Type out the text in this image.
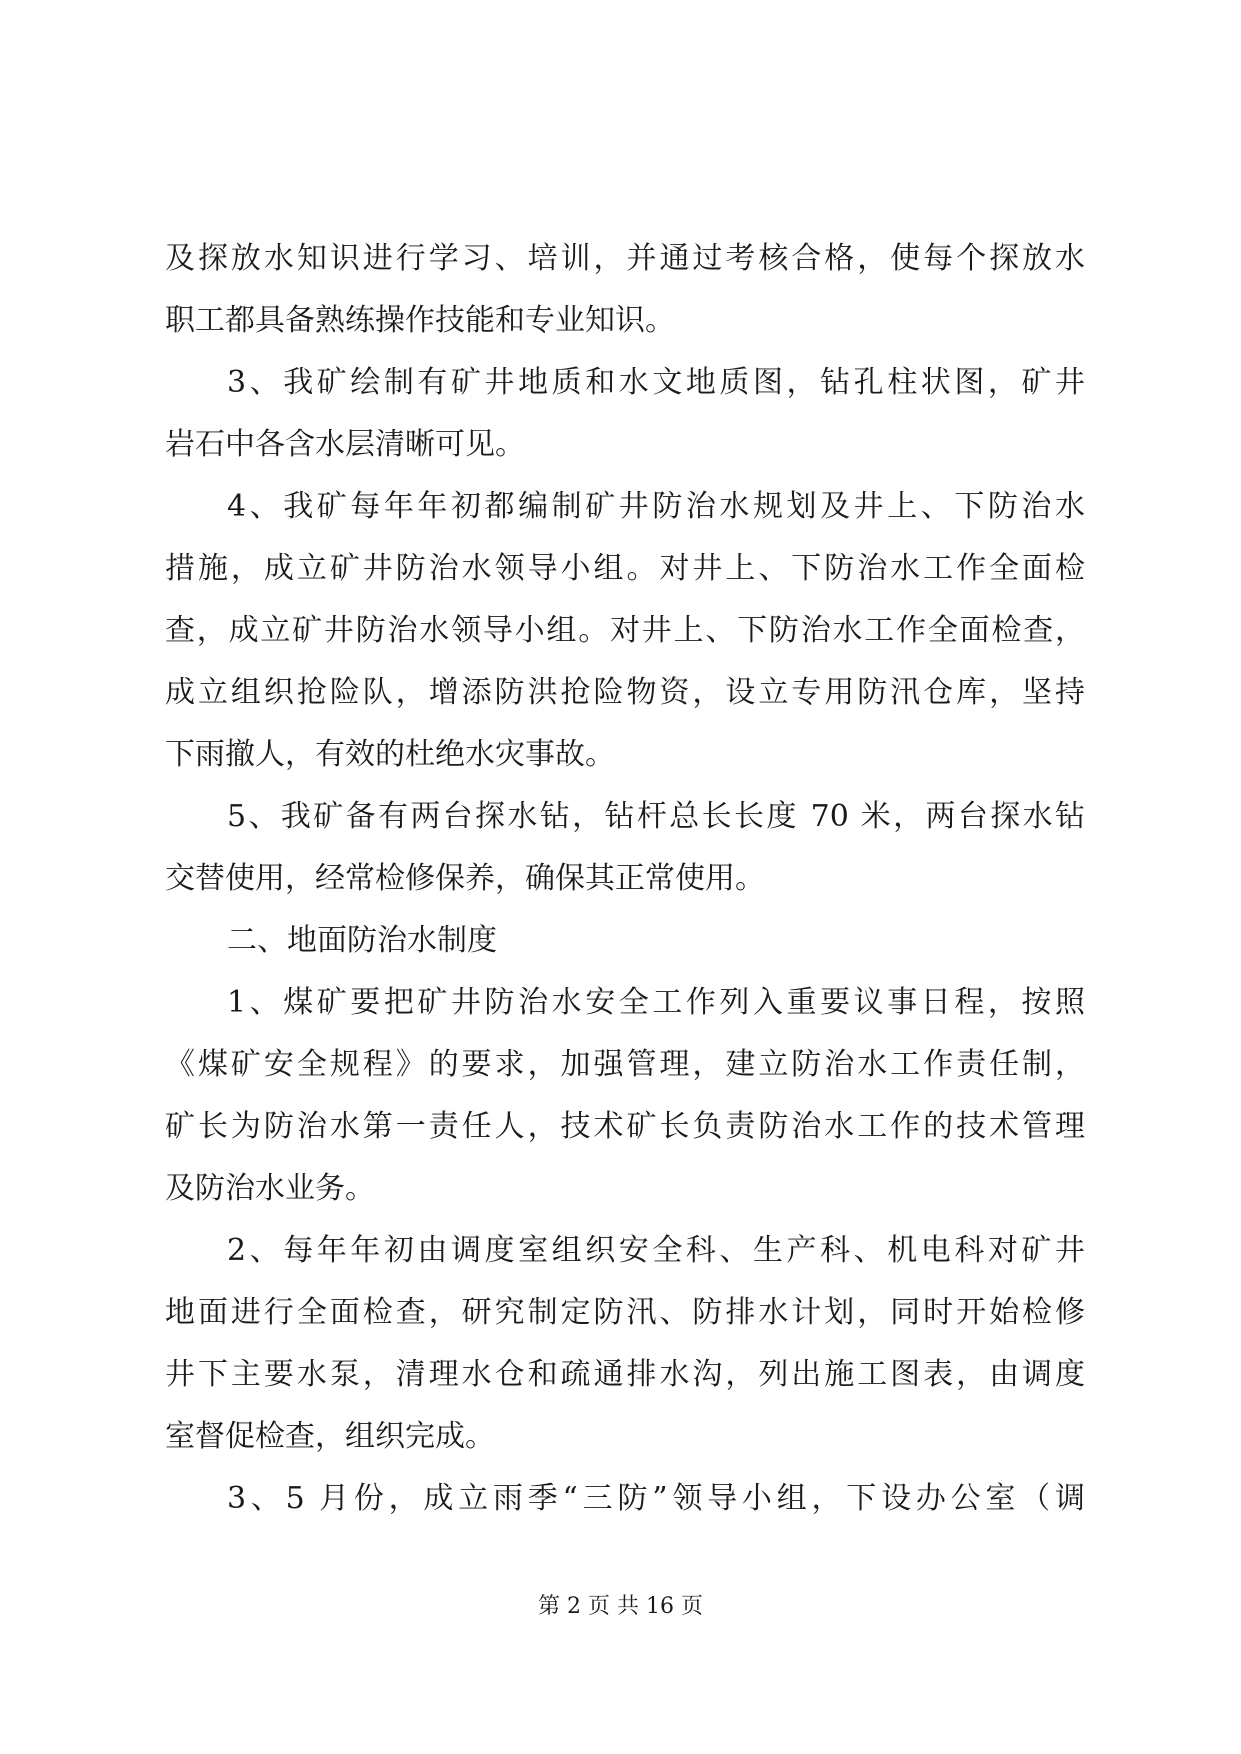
及探放水知识进行学习、培训，并通过考核合格，使每个探放水
职工都具备熟练操作技能和专业知识。
3、我矿绘制有矿井地质和水文地质图，钻孔柱状图，矿井
岩石中各含水层清晰可见。
4、我矿每年年初都编制矿井防治水规划及井上、下防治水
措施，成立矿井防治水领导小组。对井上、下防治水工作全面检
查，成立矿井防治水领导小组。对井上、下防治水工作全面检查，
成立组织抢险队，增添防洪抢险物资，设立专用防汛仓库，坚持
下雨撤人，有效的杜绝水灾事故。
5、我矿备有两台探水钻，钻杆总长长度 70 米，两台探水钻
交替使用，经常检修保养，确保其正常使用。
二、地面防治水制度
1、煤矿要把矿井防治水安全工作列入重要议事日程，按照
《煤矿安全规程》的要求，加强管理，建立防治水工作责任制，
矿长为防治水第一责任人，技术矿长负责防治水工作的技术管理
及防治水业务。
2、每年年初由调度室组织安全科、生产科、机电科对矿井
地面进行全面检查，研究制定防汛、防排水计划，同时开始检修
井下主要水泵，清理水仓和疏通排水沟，列出施工图表，由调度
室督促检查，组织完成。
3、5 月份，成立雨季“三防”领导小组，下设办公室（调
第 2 页 共 16 页
